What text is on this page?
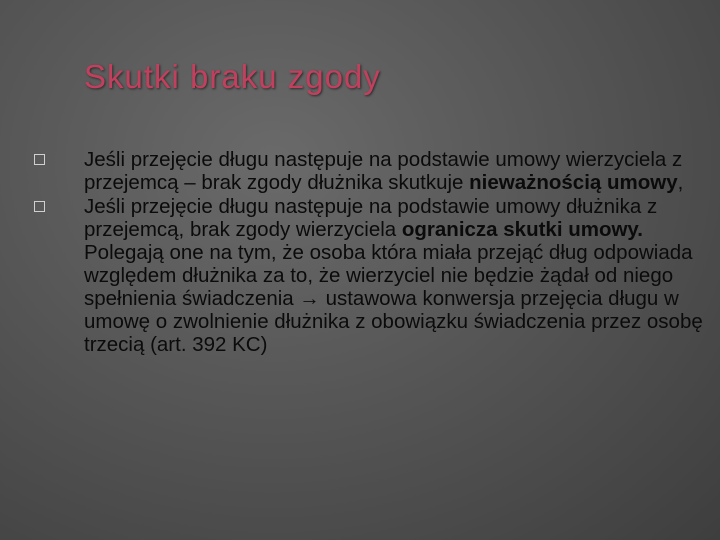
Skutki braku zgody
Jeśli przejęcie długu następuje na podstawie umowy wierzyciela z przejemcą – brak zgody dłużnika skutkuje nieważnością umowy,
Jeśli przejęcie długu następuje na podstawie umowy dłużnika z przejemcą, brak zgody wierzyciela ogranicza skutki umowy. Polegają one na tym, że osoba która miała przejąć dług odpowiada względem dłużnika za to, że wierzyciel nie będzie żądał od niego spełnienia świadczenia → ustawowa konwersja przejęcia długu w umowę o zwolnienie dłużnika z obowiązku świadczenia przez osobę trzecią (art. 392 KC)
